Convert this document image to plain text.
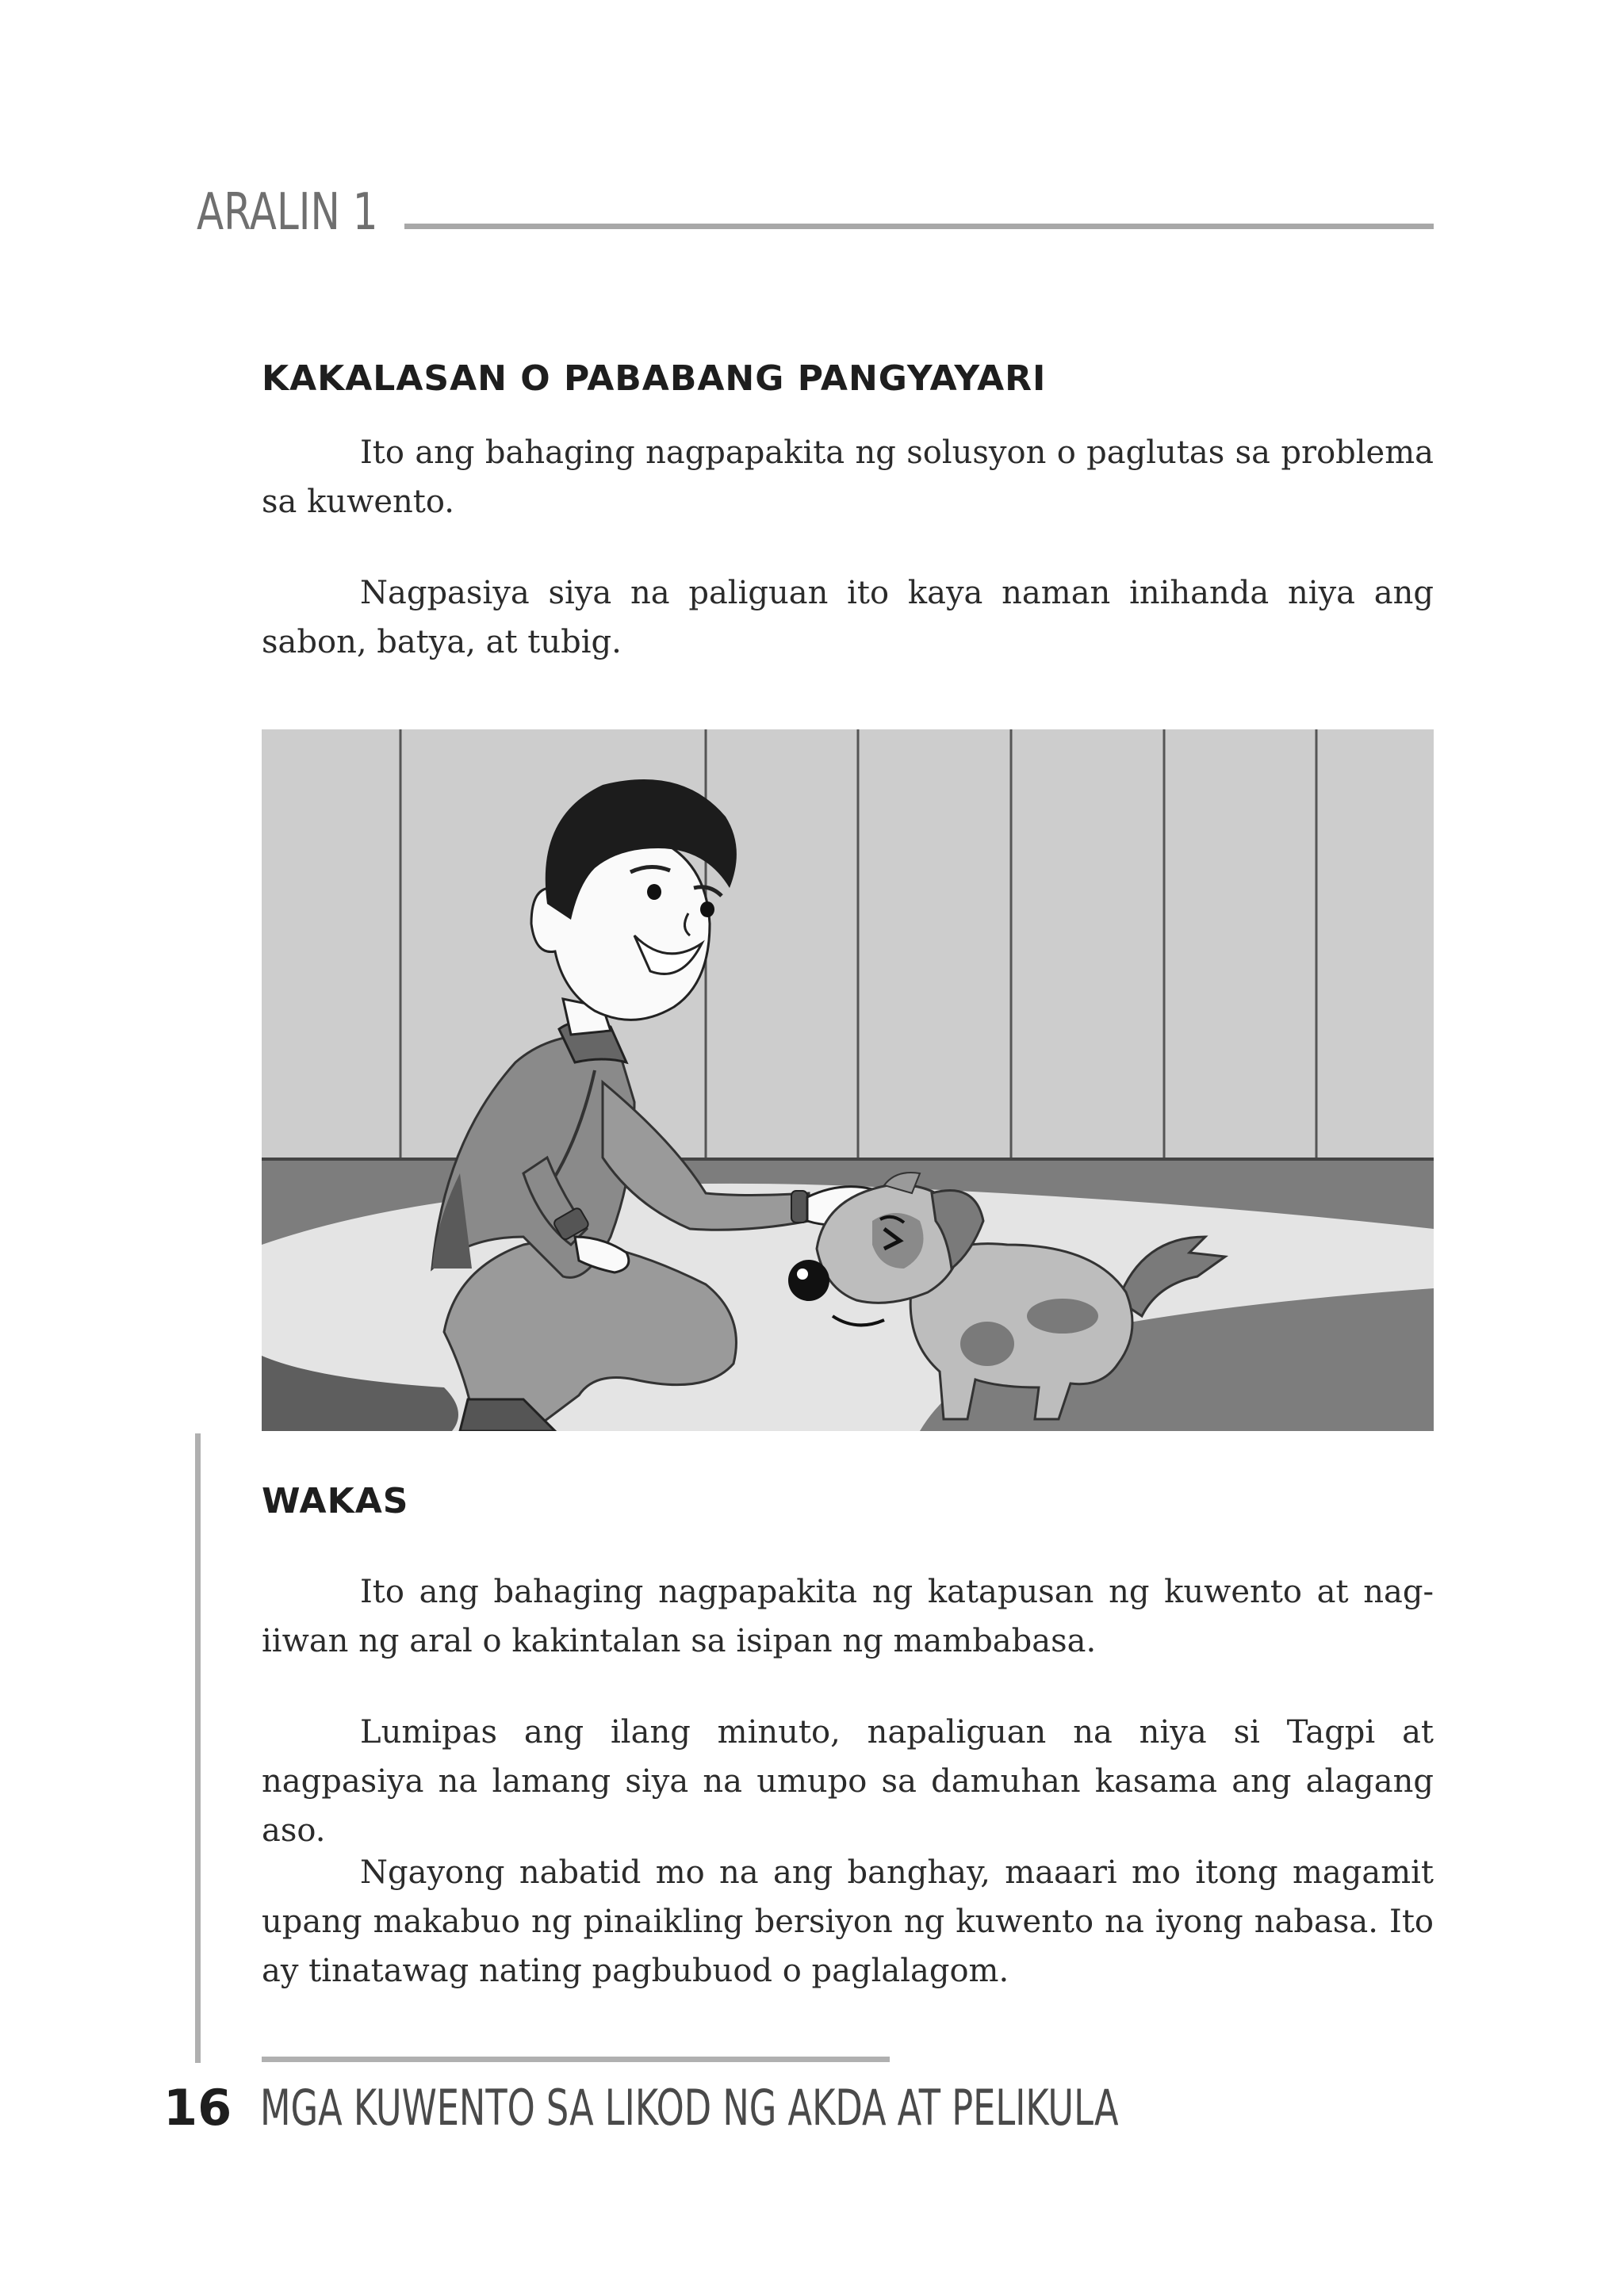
ARALIN 1
KAKALASAN O PABABANG PANGYAYARI

Ito ang bahaging nagpapakita ng solusyon o paglutas sa problema sa kuwento.

Nagpasiya siya na paliguan ito kaya naman inihanda niya ang sabon, batya, at tubig.

WAKAS

Ito ang bahaging nagpapakita ng katapusan ng kuwento at nag-iiwan ng aral o kakintalan sa isipan ng mambabasa.

Lumipas ang ilang minuto, napaliguan na niya si Tagpi at nagpasiya na lamang siya na umupo sa damuhan kasama ang alagang aso.

Ngayong nabatid mo na ang banghay, maaari mo itong magamit upang makabuo ng pinaikling bersiyon ng kuwento na iyong nabasa. Ito ay tinatawag nating pagbubuod o paglalagom.

16 MGA KUWENTO SA LIKOD NG AKDA AT PELIKULA
